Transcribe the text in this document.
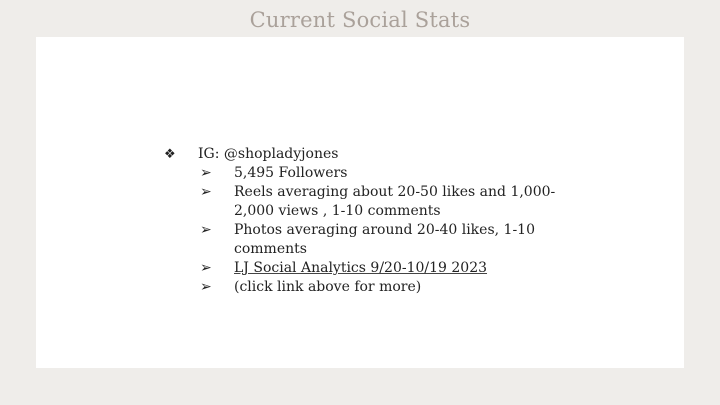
Current Social Stats
❖ IG: @shopladyjones
➢ 5,495 Followers
➢ Reels averaging about 20-50 likes and 1,000-2,000 views , 1-10 comments
➢ Photos averaging around 20-40 likes, 1-10 comments
➢ LJ Social Analytics 9/20-10/19 2023
➢ (click link above for more)
